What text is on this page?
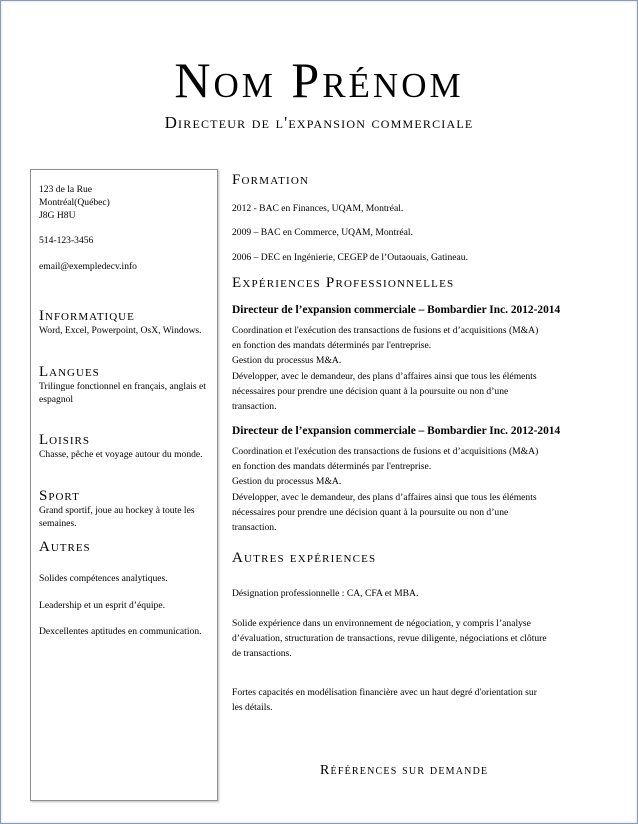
Nom Prénom
Directeur de l'expansion commerciale

123 de la Rue

Montréal(Québec)

J8G H8U

514-123-3456

email@exempledecv.info

Informatique

Word, Excel, Powerpoint, OsX, Windows.

Langues

Trilingue fonctionnel en français, anglais et espagnol

Loisirs

Chasse, pêche et voyage autour du monde.

Sport

Grand sportif, joue au hockey à toute les semaines.

Autres

Solides compétences analytiques.

Leadership et un esprit d’équipe.

Dexcellentes aptitudes en communication.

Formation

2012 - BAC en Finances, UQAM, Montréal.

2009 – BAC en Commerce, UQAM, Montréal.

2006 – DEC en Ingénierie, CEGEP de l’Outaouais, Gatineau.

Expériences Professionnelles

Directeur de l’expansion commerciale – Bombardier Inc. 2012-2014

Coordination et l'exécution des transactions de fusions et d’acquisitions (M&A)

en fonction des mandats déterminés par l'entreprise.

Gestion du processus M&A.

Développer, avec le demandeur, des plans d’affaires ainsi que tous les éléments

nécessaires pour prendre une décision quant à la poursuite ou non d’une

transaction.

Directeur de l’expansion commerciale – Bombardier Inc. 2012-2014

Coordination et l'exécution des transactions de fusions et d’acquisitions (M&A)

en fonction des mandats déterminés par l'entreprise.

Gestion du processus M&A.

Développer, avec le demandeur, des plans d’affaires ainsi que tous les éléments

nécessaires pour prendre une décision quant à la poursuite ou non d’une

transaction.

Autres expériences

Désignation professionnelle : CA, CFA et MBA.

Solide expérience dans un environnement de négociation, y compris l’analyse

d’évaluation, structuration de transactions, revue diligente, négociations et clôture

de transactions.

Fortes capacités en modélisation financière avec un haut degré d'orientation sur

les détails.

Références sur demande
